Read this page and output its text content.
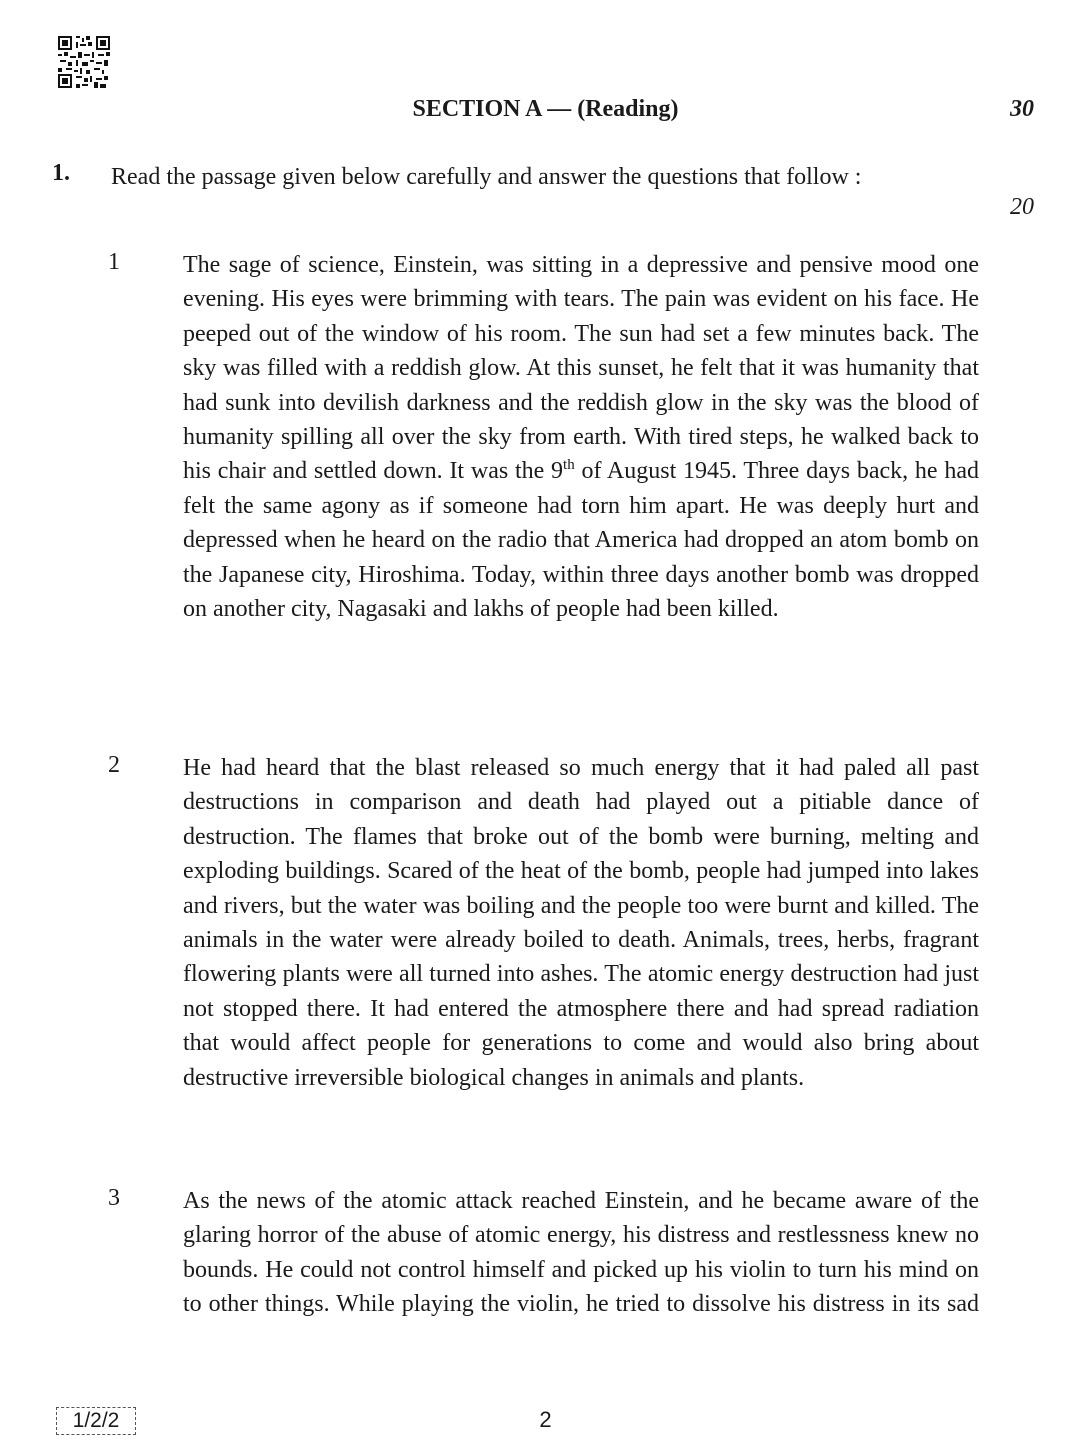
SECTION A — (Reading)	30
1. Read the passage given below carefully and answer the questions that follow :
20
1	The sage of science, Einstein, was sitting in a depressive and pensive mood one evening. His eyes were brimming with tears. The pain was evident on his face. He peeped out of the window of his room. The sun had set a few minutes back. The sky was filled with a reddish glow. At this sunset, he felt that it was humanity that had sunk into devilish darkness and the reddish glow in the sky was the blood of humanity spilling all over the sky from earth. With tired steps, he walked back to his chair and settled down. It was the 9th of August 1945. Three days back, he had felt the same agony as if someone had torn him apart. He was deeply hurt and depressed when he heard on the radio that America had dropped an atom bomb on the Japanese city, Hiroshima. Today, within three days another bomb was dropped on another city, Nagasaki and lakhs of people had been killed.

2	He had heard that the blast released so much energy that it had paled all past destructions in comparison and death had played out a pitiable dance of destruction. The flames that broke out of the bomb were burning, melting and exploding buildings. Scared of the heat of the bomb, people had jumped into lakes and rivers, but the water was boiling and the people too were burnt and killed. The animals in the water were already boiled to death. Animals, trees, herbs, fragrant flowering plants were all turned into ashes. The atomic energy destruction had just not stopped there. It had entered the atmosphere there and had spread radiation that would affect people for generations to come and would also bring about destructive irreversible biological changes in animals and plants.

3	As the news of the atomic attack reached Einstein, and he became aware of the glaring horror of the abuse of atomic energy, his distress and restlessness knew no bounds. He could not control himself and picked up his violin to turn his mind on to other things. While playing the violin, he tried to dissolve his distress in its sad

1/2/2	2
